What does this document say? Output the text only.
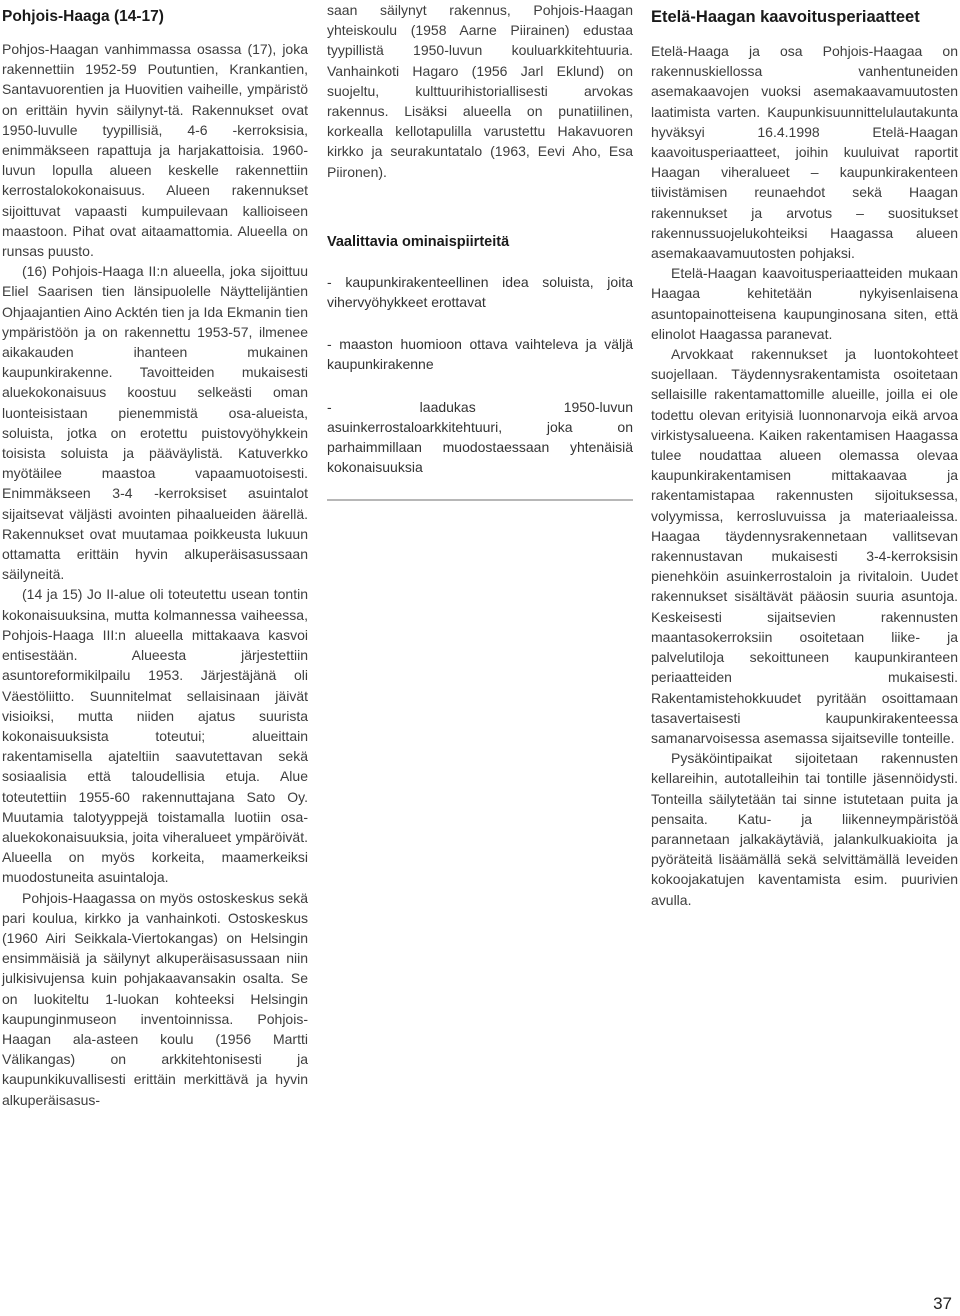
Pohjois-Haaga (14-17)

Pohjos-Haagan vanhimmassa osassa (17), joka rakennettiin 1952-59 Poutuntien, Krankantien, Santavuorentien ja Huovitien vaiheille, ympäristö on erittäin hyvin säilynyt-tä. Rakennukset ovat 1950-luvulle tyypillisiä, 4-6 -kerroksisia, enimmäkseen rapattuja ja harjakattoisia. 1960-luvun lopulla alueen keskelle rakennettiin kerrostalokokonaisuus. Alueen rakennukset sijoittuvat vapaasti kumpuilevaan kallioiseen maastoon. Pihat ovat aitaamattomia. Alueella on runsas puusto.

(16) Pohjois-Haaga II:n alueella, joka sijoittuu Eliel Saarisen tien länsipuolelle Näyttelijäntien Ohjaajantien Aino Acktén tien ja Ida Ekmanin tien ympäristöön ja on rakennettu 1953-57, ilmenee aikakauden ihanteen mukainen kaupunkirakenne. Tavoitteiden mukaisesti aluekokonaisuus koostuu selkeästi oman luonteisistaan pienemmistä osa-alueista, soluista, jotka on erotettu puistovyöhykkein toisista soluista ja pääväylistä. Katuverkko myötäilee maastoa vapaamuotoisesti. Enimmäkseen 3-4 -kerroksiset asuintalot sijaitsevat väljästi avointen pihaalueiden äärellä. Rakennukset ovat muutamaa poikkeusta lukuun ottamatta erittäin hyvin alkuperäisasussaan säilyneitä.

(14 ja 15) Jo II-alue oli toteutettu usean tontin kokonaisuuksina, mutta kolmannessa vaiheessa, Pohjois-Haaga III:n alueella mittakaava kasvoi entisestään. Alueesta järjestettiin asuntoreformikilpailu 1953. Järjestäjänä oli Väestöliitto. Suunnitelmat sellaisinaan jäivät visioiksi, mutta niiden ajatus suurista kokonaisuuksista toteutui; alueittain rakentamisella ajateltiin saavutettavan sekä sosiaalisia että taloudellisia etuja. Alue toteutettiin 1955-60 rakennuttajana Sato Oy. Muutamia talotyyppejä toistamalla luotiin osa-aluekokonaisuuksia, joita viheralueet ympäröivät. Alueella on myös korkeita, maamerkeiksi muodostuneita asuintaloja.

Pohjois-Haagassa on myös ostoskeskus sekä pari koulua, kirkko ja vanhainkoti. Ostoskeskus (1960 Airi Seikkala-Viertokangas) on Helsingin ensimmäisiä ja säilynyt alkuperäisasussaan niin julkisivujensa kuin pohjakaavansakin osalta. Se on luokiteltu 1-luokan kohteeksi Helsingin kaupunginmuseon inventoinnissa. Pohjois-Haagan ala-asteen koulu (1956 Martti Välikangas) on arkkitehtonisesti ja kaupunkikuvallisesti erittäin merkittävä ja hyvin alkuperäisasus-

saan säilynyt rakennus, Pohjois-Haagan yhteiskoulu (1958 Aarne Piirainen) edustaa tyypillistä 1950-luvun kouluarkkitehtuuria. Vanhainkoti Hagaro (1956 Jarl Eklund) on suojeltu, kulttuurihistoriallisesti arvokas rakennus. Lisäksi alueella on punatiilinen, korkealla kellotapulilla varustettu Hakavuoren kirkko ja seurakuntatalo (1963, Eevi Aho, Esa Piironen).

Vaalittavia ominaispiirteitä

- kaupunkirakenteellinen idea soluista, joita vihervyöhykkeet erottavat

- maaston huomioon ottava vaihteleva ja väljä kaupunkirakenne

- laadukas 1950-luvun asuinkerrostaloarkkitehtuuri, joka on parhaimmillaan muodostaessaan yhtenäisiä kokonaisuuksia

Etelä-Haagan kaavoitusperiaatteet

Etelä-Haaga ja osa Pohjois-Haagaa on rakennuskiellossa vanhentuneiden asemakaavojen vuoksi asemakaavamuutosten laatimista varten. Kaupunkisuunnittelulautakunta hyväksyi 16.4.1998 Etelä-Haagan kaavoitusperiaatteet, joihin kuuluivat raportit Haagan viheralueet – kaupunkirakenteen tiivistämisen reunaehdot sekä Haagan rakennukset ja arvotus – suositukset rakennussuojelukohteiksi Haagassa alueen asemakaavamuutosten pohjaksi.

Etelä-Haagan kaavoitusperiaatteiden mukaan Haagaa kehitetään nykyisenlaisena asuntopainotteisena kaupunginosana siten, että elinolot Haagassa paranevat.

Arvokkaat rakennukset ja luontokohteet suojellaan. Täydennysrakentamista osoitetaan sellaisille rakentamattomille alueille, joilla ei ole todettu olevan erityisiä luonnonarvoja eikä arvoa virkistysalueena. Kaiken rakentamisen Haagassa tulee noudattaa alueen olemassa olevaa kaupunkirakentamisen mittakaavaa ja rakentamistapaa rakennusten sijoituksessa, volyymissa, kerrosluvuissa ja materiaaleissa. Haagaa täydennysrakennetaan vallitsevan rakennustavan mukaisesti 3-4-kerroksisin pienehköin asuinkerrostaloin ja rivitaloin. Uudet rakennukset sisältävät pääosin suuria asuntoja. Keskeisesti sijaitsevien rakennusten maantasokerroksiin osoitetaan liike- ja palvelutiloja sekoittuneen kaupunkiranteen periaatteiden mukaisesti. Rakentamistehokkuudet pyritään osoittamaan tasavertaisesti kaupunkirakenteessa samanarvoisessa asemassa sijaitseville tonteille.

Pysäköintipaikat sijoitetaan rakennusten kellareihin, autotalleihin tai tontille jäsennöidysti. Tonteilla säilytetään tai sinne istutetaan puita ja pensaita. Katu- ja liikenneympäristöä parannetaan jalkakäytäviä, jalankulkuakioita ja pyöräteitä lisäämällä sekä selvittämällä leveiden kokoojakatujen kaventamista esim. puurivien avulla.

37
